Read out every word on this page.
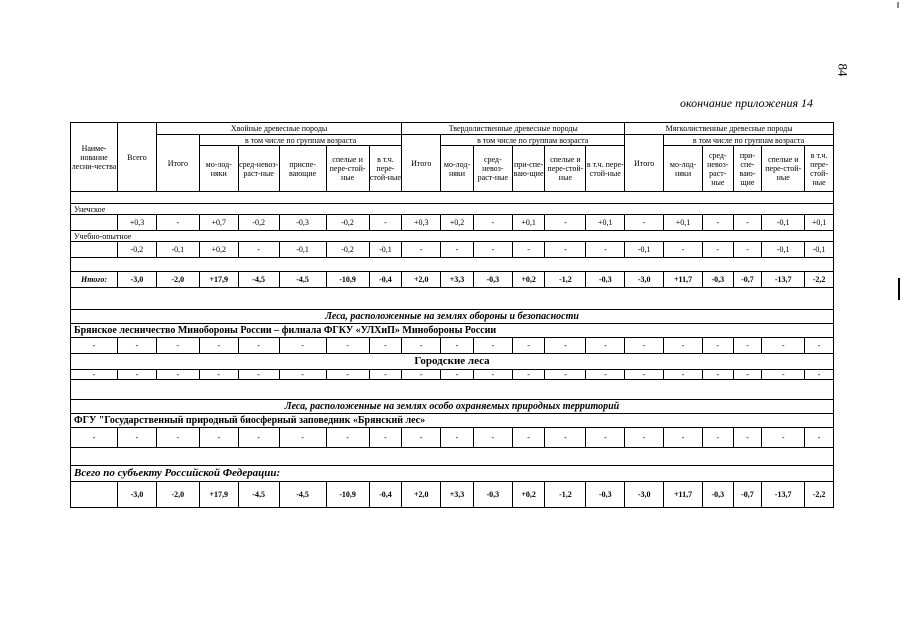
84
окончание приложения 14
Наиме-нование лесни-чества	Всего	Хвойные древесные породы						Твердолиственные древесные породы						Мягколиственные древесные породы					
		Итого	в том числе по группам возраста					Итого	в том числе по группам возраста					Итого	в том числе по группам возраста				
			мо-лод-няки	сред-невоз-раст-ные	приспе-вающие	спелые и пере-стой-ные	в т.ч. пере-стой-ные		мо-лод-няки	сред-невоз-раст-ные	при-спе-ваю-щие	спелые и пере-стой-ные	в т.ч. пере-стой-ные		мо-лод-няки	сред-невоз-раст-ные	при-спе-ваю-щие	спелые и пере-стой-ные	в т.ч. пере-стой-ные

Унечское																			
	+0,3	-	+0,7	-0,2	-0,3	-0,2	-	+0,3	+0,2	-	+0,1	-	+0,1	-	+0,1	-	-	-0,1	+0,1
Учебно-опытное																			
	-0,2	-0,1	+0,2	-	-0,1	-0,2	-0,1	-	-	-	-	-	-	-0,1	-	-	-	-0,1	-0,1

Итого:	-3,0	-2,0	+17,9	-4,5	-4,5	-10,9	-0,4	+2,0	+3,3	-0,3	+0,2	-1,2	-0,3	-3,0	+11,7	-0,3	-0,7	-13,7	-2,2

Леса, расположенные на землях обороны и безопасности																			
Брянское лесничество Минобороны России – филиала ФГКУ «УЛХиП» Минобороны России																			
-	-	-	-	-	-	-	-	-	-	-	-	-	-	-	-	-	-	-	-
Городские леса																			
-	-	-	-	-	-	-	-	-	-	-	-	-	-	-	-	-	-	-	-

Леса, расположенные на землях особо охраняемых природных территорий																			
ФГУ "Государственный природный биосферный заповедник «Брянский лес»																			
-	-	-	-	-	-	-	-	-	-	-	-	-	-	-	-	-	-	-	-

Всего по субъекту Российской Федерации:																			
	-3,0	-2,0	+17,9	-4,5	-4,5	-10,9	-0,4	+2,0	+3,3	-0,3	+0,2	-1,2	-0,3	-3,0	+11,7	-0,3	-0,7	-13,7	-2,2
